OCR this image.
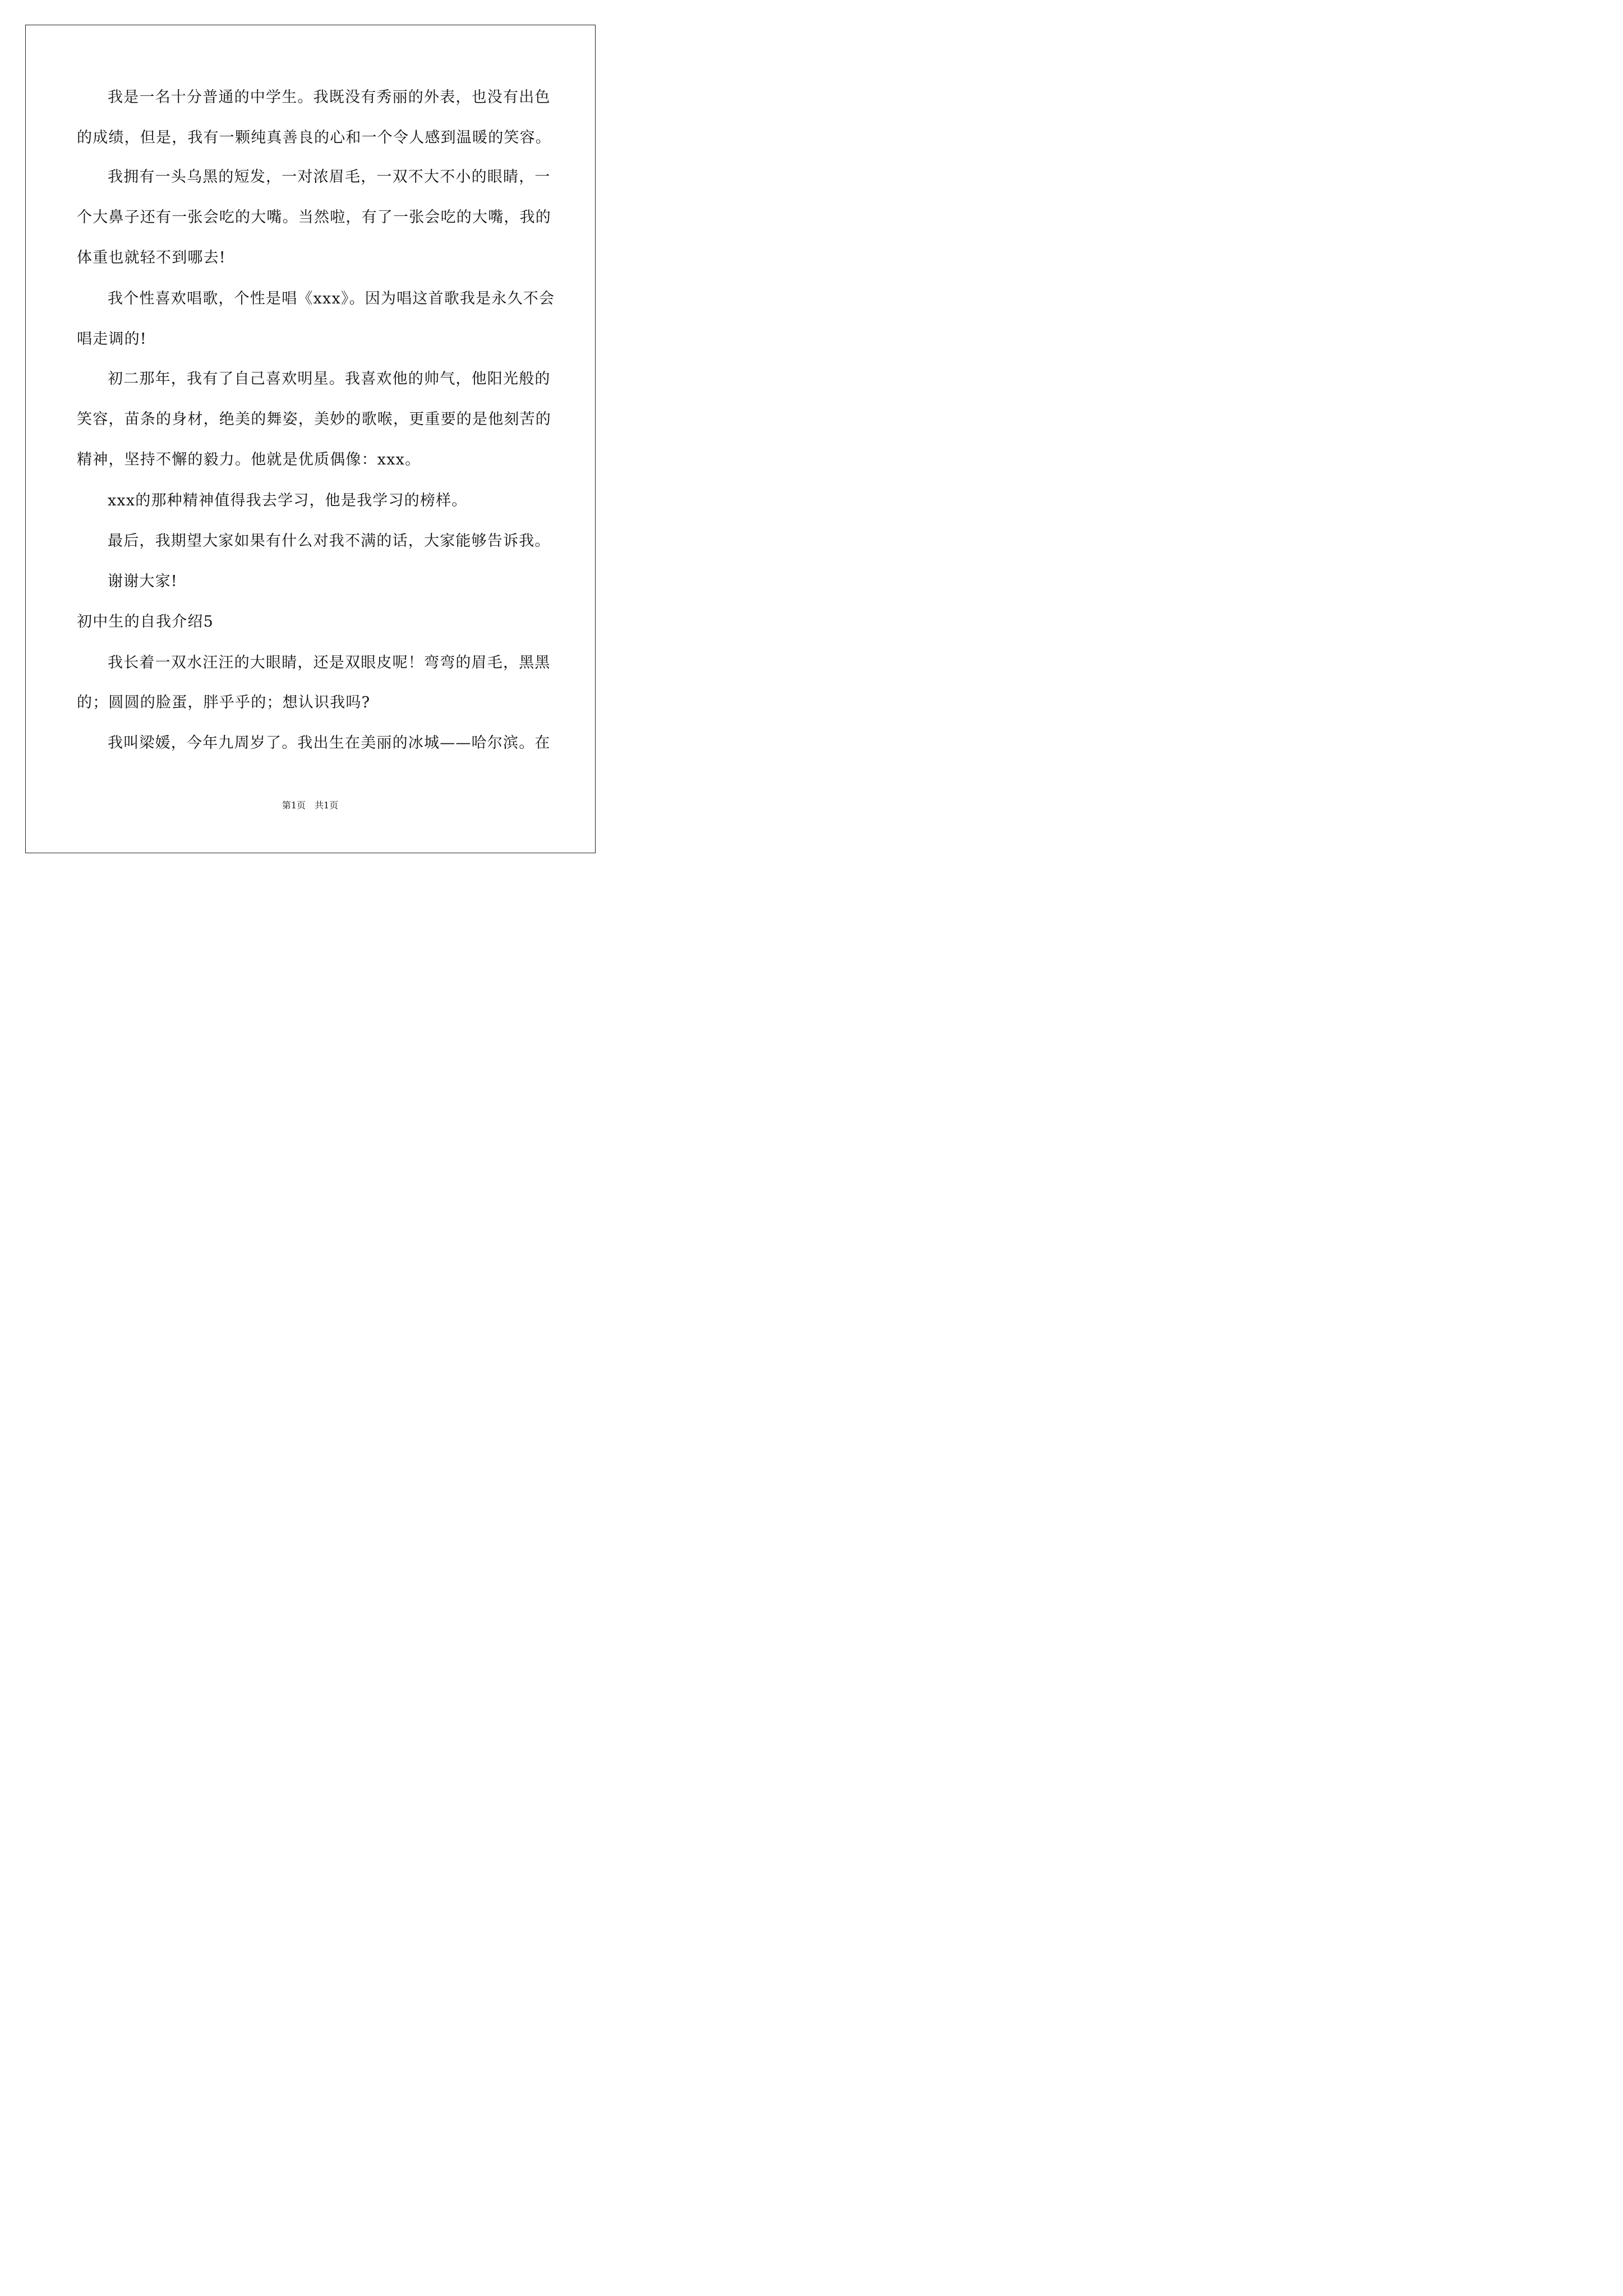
我是一名十分普通的中学生。我既没有秀丽的外表，也没有出色
的成绩，但是，我有一颗纯真善良的心和一个令人感到温暖的笑容。
我拥有一头乌黑的短发，一对浓眉毛，一双不大不小的眼睛，一
个大鼻子还有一张会吃的大嘴。当然啦，有了一张会吃的大嘴，我的
体重也就轻不到哪去!
我个性喜欢唱歌，个性是唱《xxx》。因为唱这首歌我是永久不会
唱走调的!
初二那年，我有了自己喜欢明星。我喜欢他的帅气，他阳光般的
笑容，苗条的身材，绝美的舞姿，美妙的歌喉，更重要的是他刻苦的
精神，坚持不懈的毅力。他就是优质偶像：xxx。
xxx的那种精神值得我去学习，他是我学习的榜样。
最后，我期望大家如果有什么对我不满的话，大家能够告诉我。
谢谢大家!
初中生的自我介绍5
我长着一双水汪汪的大眼睛，还是双眼皮呢！弯弯的眉毛，黑黑
的；圆圆的脸蛋，胖乎乎的；想认识我吗?
我叫梁媛，今年九周岁了。我出生在美丽的冰城——哈尔滨。在
第1页　共1页
